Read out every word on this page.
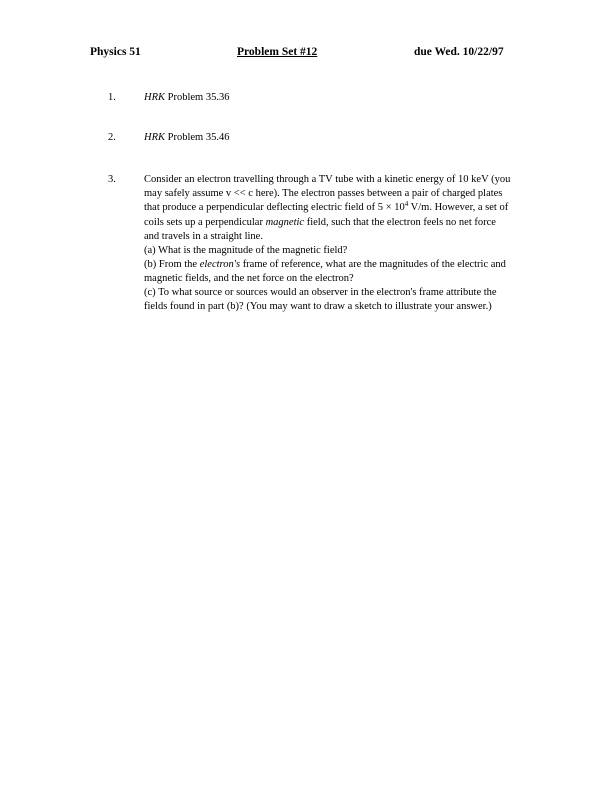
Physics 51	Problem Set #12	due Wed. 10/22/97
1.	HRK Problem 35.36
2.	HRK Problem 35.46
3.	Consider an electron travelling through a TV tube with a kinetic energy of 10 keV (you
may safely assume v << c here). The electron passes between a pair of charged plates
that produce a perpendicular deflecting electric field of $5 \times 10^4$ V/m. However, a set of
coils sets up a perpendicular magnetic field, such that the electron feels no net force
and travels in a straight line.
(a) What is the magnitude of the magnetic field?
(b) From the electron's frame of reference, what are the magnitudes of the electric and
magnetic fields, and the net force on the electron?
(c) To what source or sources would an observer in the electron's frame attribute the
fields found in part (b)? (You may want to draw a sketch to illustrate your answer.)
